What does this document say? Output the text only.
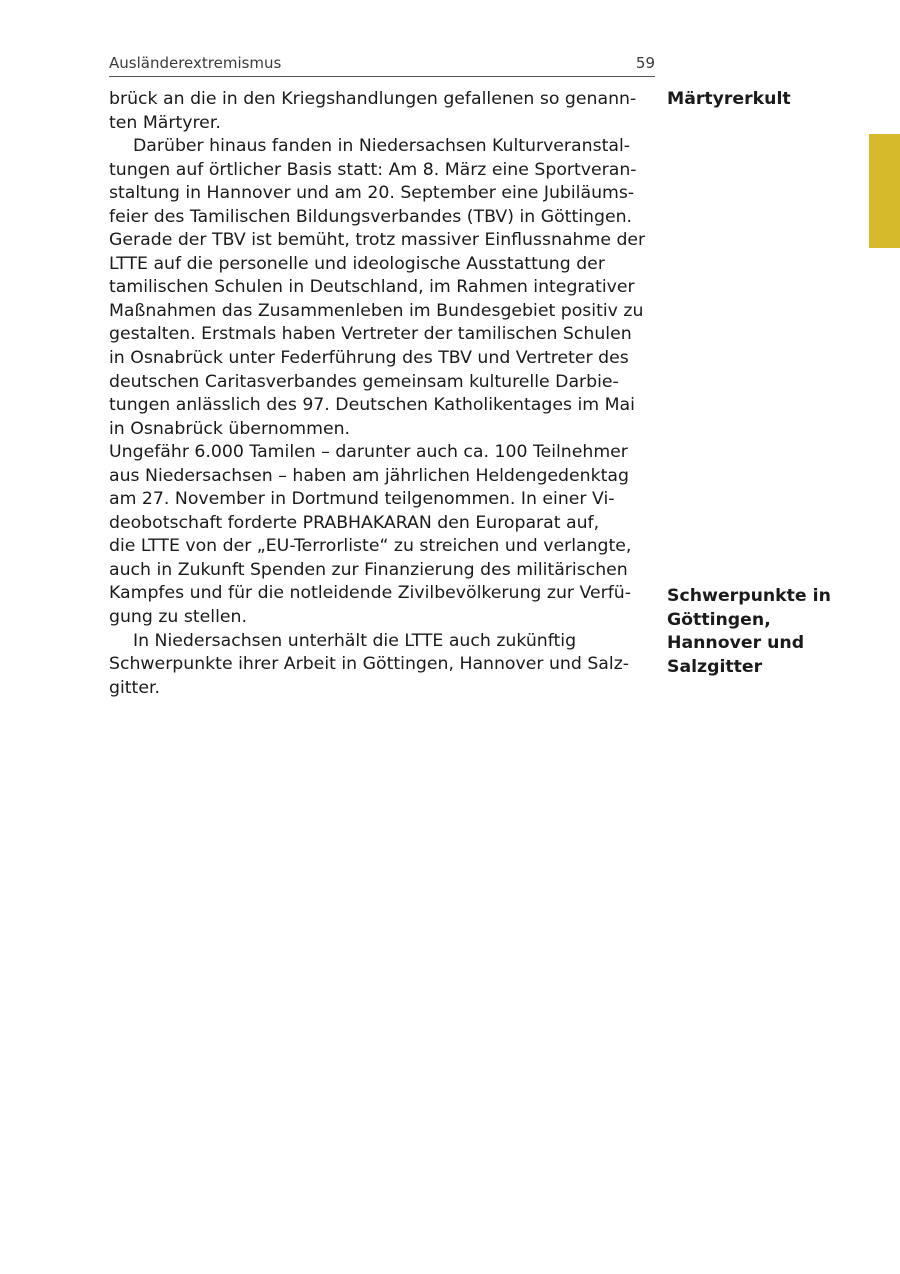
Ausländerextremismus	59
brück an die in den Kriegshandlungen gefallenen so genann-
ten Märtyrer.
Darüber hinaus fanden in Niedersachsen Kulturveranstal-
tungen auf örtlicher Basis statt: Am 8. März eine Sportveran-
staltung in Hannover und am 20. September eine Jubiläums-
feier des Tamilischen Bildungsverbandes (TBV) in Göttingen.
Gerade der TBV ist bemüht, trotz massiver Einflussnahme der
LTTE auf die personelle und ideologische Ausstattung der
tamilischen Schulen in Deutschland, im Rahmen integrativer
Maßnahmen das Zusammenleben im Bundesgebiet positiv zu
gestalten. Erstmals haben Vertreter der tamilischen Schulen
in Osnabrück unter Federführung des TBV und Vertreter des
deutschen Caritasverbandes gemeinsam kulturelle Darbie-
tungen anlässlich des 97. Deutschen Katholikentages im Mai
in Osnabrück übernommen.
Ungefähr 6.000 Tamilen – darunter auch ca. 100 Teilnehmer
aus Niedersachsen – haben am jährlichen Heldengedenktag
am 27. November in Dortmund teilgenommen. In einer Vi-
deobotschaft forderte PRABHAKARAN den Europarat auf,
die LTTE von der „EU-Terrorliste“ zu streichen und verlangte,
auch in Zukunft Spenden zur Finanzierung des militärischen
Kampfes und für die notleidende Zivilbevölkerung zur Verfü-
gung zu stellen.
In Niedersachsen unterhält die LTTE auch zukünftig
Schwerpunkte ihrer Arbeit in Göttingen, Hannover und Salz-
gitter.
Märtyrerkult
Schwerpunkte in
Göttingen,
Hannover und
Salzgitter
